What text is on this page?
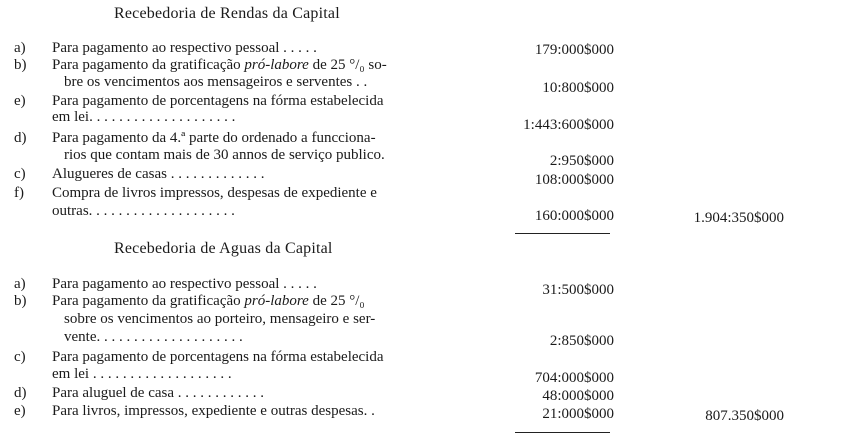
Recebedoria de Rendas da Capital
a)	Para pagamento ao respectivo pessoal . . . . .	179:000$000
b)	Para pagamento da gratificação pró-labore de 25 °/₀ so-
bre os vencimentos aos mensageiros e serventes . .	10:800$000
e)	Para pagamento de porcentagens na fórma estabelecida
em lei. . . . . . . . . . . . . . . . . . . .	1:443:600$000
d)	Para pagamento da 4.ª parte do ordenado a funcciona-
rios que contam mais de 30 annos de serviço publico.	2:950$000
c)	Alugueres de casas . . . . . . . . . . . . .	108:000$000
f)	Compra de livros impressos, despesas de expediente e
outras. . . . . . . . . . . . . . . . . . . .	160:000$000	1.904:350$000
Recebedoria de Aguas da Capital
a)	Para pagamento ao respectivo pessoal . . . . .	31:500$000
b)	Para pagamento da gratificação pró-labore de 25 °/₀
sobre os vencimentos ao porteiro, mensageiro e ser-
vente. . . . . . . . . . . . . . . . . . . .	2:850$000
c)	Para pagamento de porcentagens na fórma estabelecida
em lei . . . . . . . . . . . . . . . . . . .	704:000$000
d)	Para aluguel de casa . . . . . . . . . . . .	48:000$000
e)	Para livros, impressos, expediente e outras despesas. .	21:000$000	807.350$000
